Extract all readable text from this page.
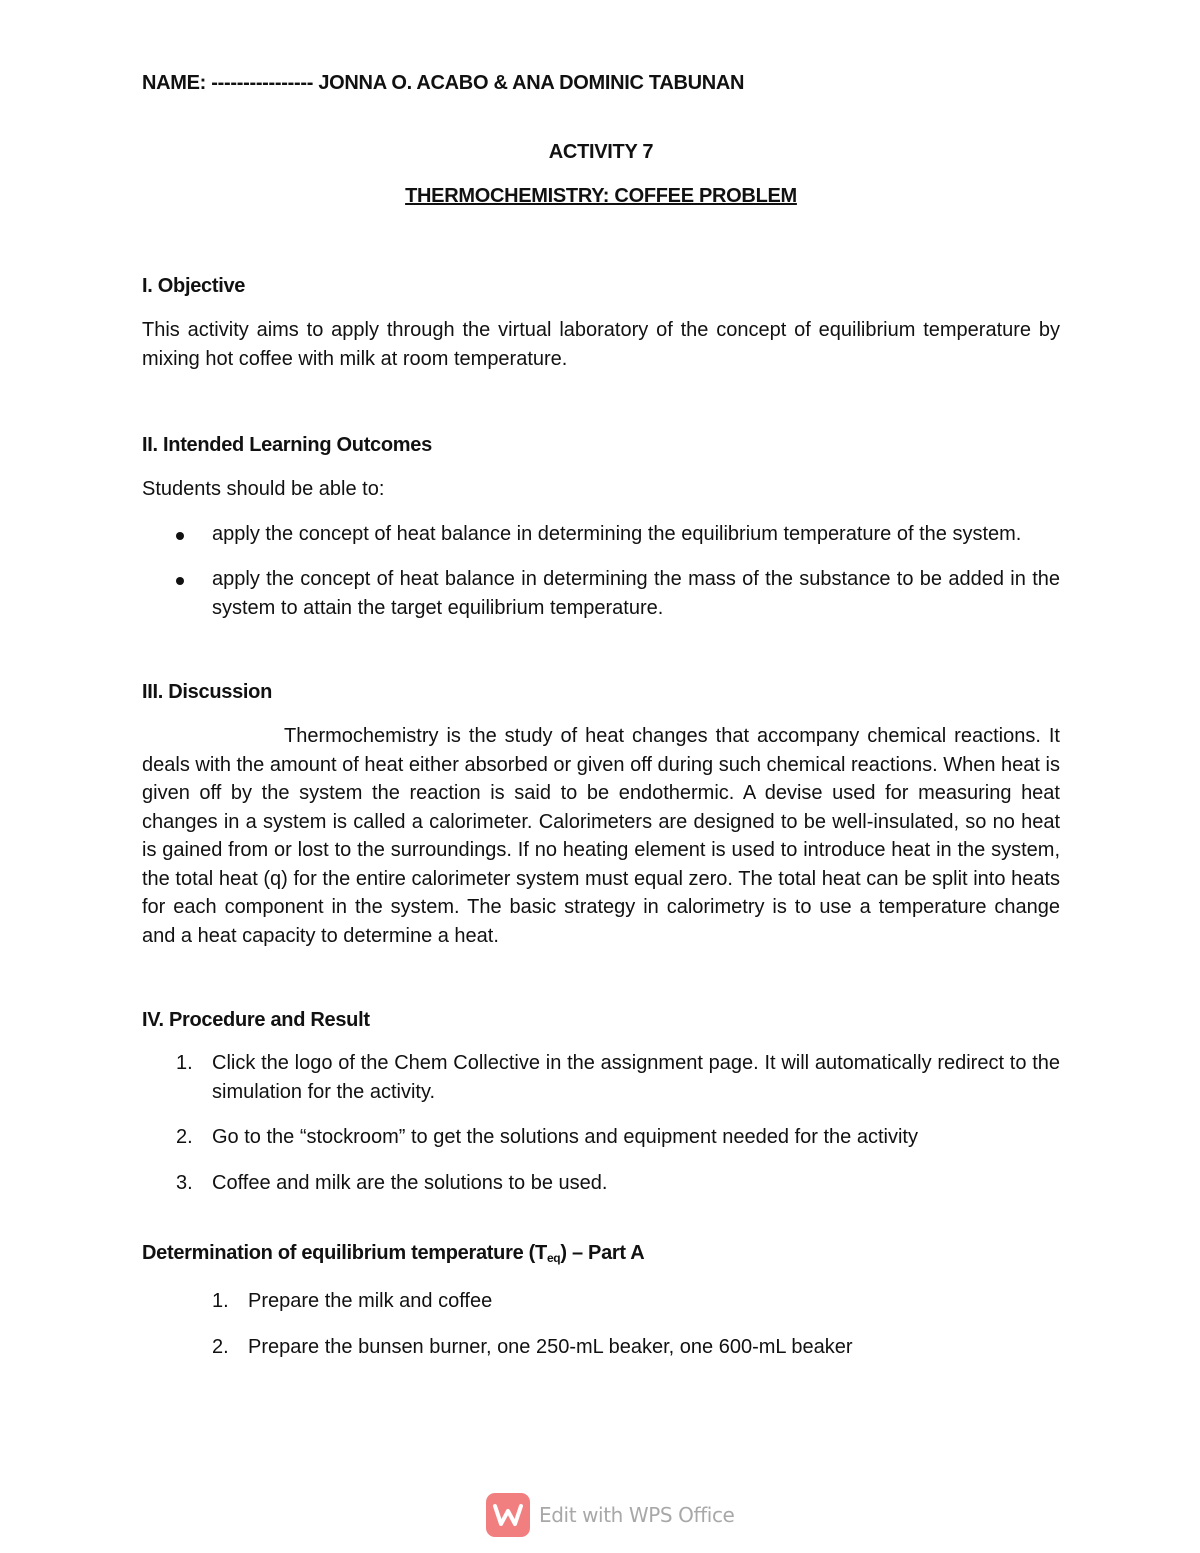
NAME: ---------------- JONNA O. ACABO & ANA DOMINIC TABUNAN

ACTIVITY 7

THERMOCHEMISTRY: COFFEE PROBLEM

I. Objective

This activity aims to apply through the virtual laboratory of the concept of equilibrium temperature by mixing hot coffee with milk at room temperature.

II. Intended Learning Outcomes

Students should be able to:

apply the concept of heat balance in determining the equilibrium temperature of the system.
apply the concept of heat balance in determining the mass of the substance to be added in the system to attain the target equilibrium temperature.
III. Discussion

Thermochemistry is the study of heat changes that accompany chemical reactions. It deals with the amount of heat either absorbed or given off during such chemical reactions. When heat is given off by the system the reaction is said to be endothermic. A devise used for measuring heat changes in a system is called a calorimeter. Calorimeters are designed to be well-insulated, so no heat is gained from or lost to the surroundings. If no heating element is used to introduce heat in the system, the total heat (q) for the entire calorimeter system must equal zero. The total heat can be split into heats for each component in the system. The basic strategy in calorimetry is to use a temperature change and a heat capacity to determine a heat.

IV. Procedure and Result
1. Click the logo of the Chem Collective in the assignment page. It will automatically redirect to the simulation for the activity.
2. Go to the “stockroom” to get the solutions and equipment needed for the activity
3. Coffee and milk are the solutions to be used.
Determination of equilibrium temperature $(T_{eq})$ – Part A
1. Prepare the milk and coffee
2. Prepare the bunsen burner, one 250-mL beaker, one 600-mL beaker
Edit with WPS Office
